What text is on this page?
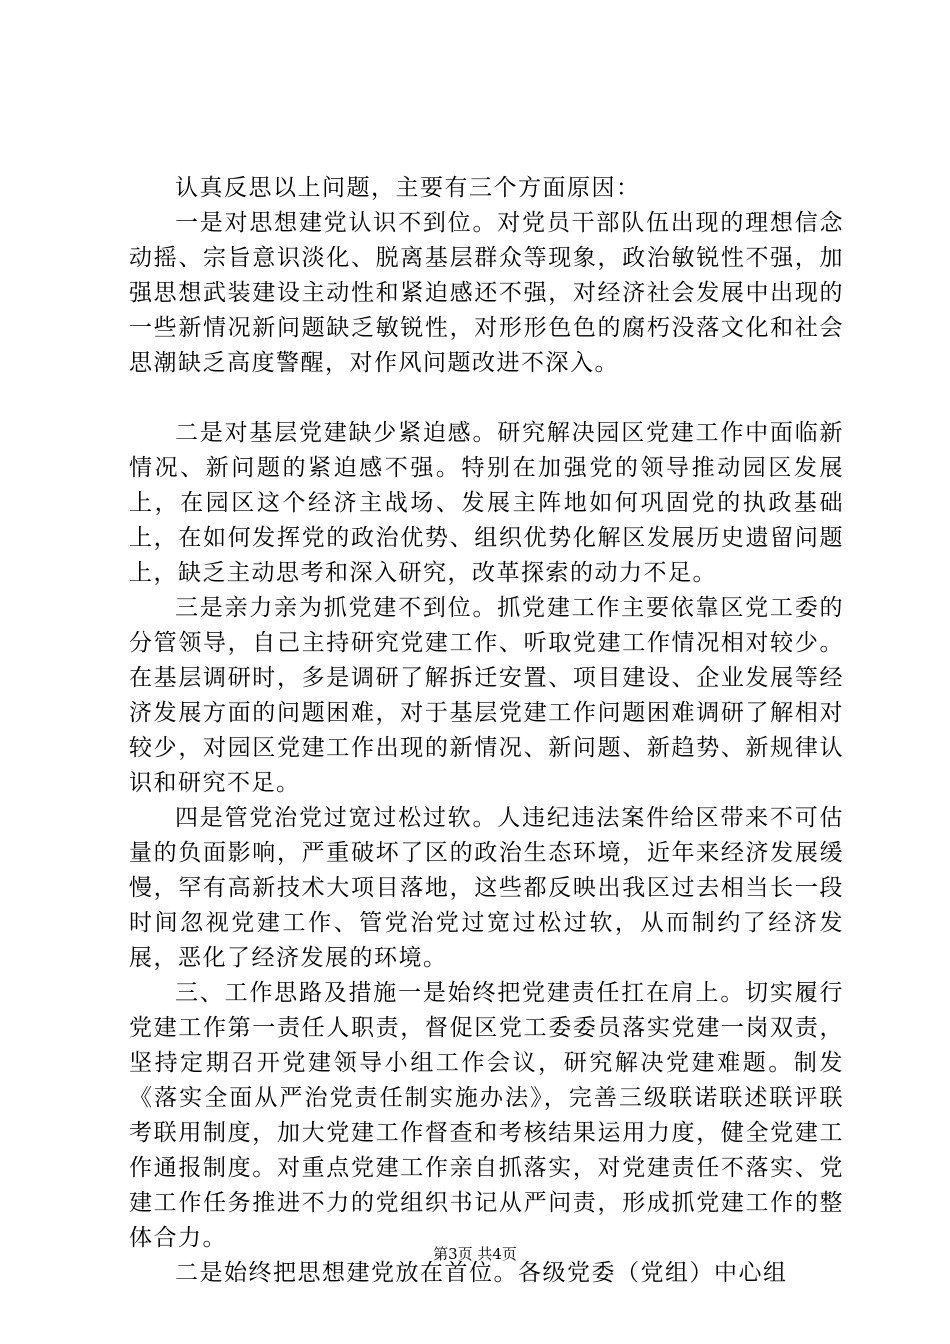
认真反思以上问题，主要有三个方面原因：

一是对思想建党认识不到位。对党员干部队伍出现的理想信念动摇、宗旨意识淡化、脱离基层群众等现象，政治敏锐性不强，加强思想武装建设主动性和紧迫感还不强，对经济社会发展中出现的一些新情况新问题缺乏敏锐性，对形形色色的腐朽没落文化和社会思潮缺乏高度警醒，对作风问题改进不深入。

二是对基层党建缺少紧迫感。研究解决园区党建工作中面临新情况、新问题的紧迫感不强。特别在加强党的领导推动园区发展上，在园区这个经济主战场、发展主阵地如何巩固党的执政基础上，在如何发挥党的政治优势、组织优势化解区发展历史遗留问题上，缺乏主动思考和深入研究，改革探索的动力不足。

三是亲力亲为抓党建不到位。抓党建工作主要依靠区党工委的分管领导，自己主持研究党建工作、听取党建工作情况相对较少。在基层调研时，多是调研了解拆迁安置、项目建设、企业发展等经济发展方面的问题困难，对于基层党建工作问题困难调研了解相对较少，对园区党建工作出现的新情况、新问题、新趋势、新规律认识和研究不足。

四是管党治党过宽过松过软。人违纪违法案件给区带来不可估量的负面影响，严重破坏了区的政治生态环境，近年来经济发展缓慢，罕有高新技术大项目落地，这些都反映出我区过去相当长一段时间忽视党建工作、管党治党过宽过松过软，从而制约了经济发展，恶化了经济发展的环境。

三、工作思路及措施一是始终把党建责任扛在肩上。切实履行党建工作第一责任人职责，督促区党工委委员落实党建一岗双责，坚持定期召开党建领导小组工作会议，研究解决党建难题。制发《落实全面从严治党责任制实施办法》，完善三级联诺联述联评联考联用制度，加大党建工作督查和考核结果运用力度，健全党建工作通报制度。对重点党建工作亲自抓落实，对党建责任不落实、党建工作任务推进不力的党组织书记从严问责，形成抓党建工作的整体合力。

二是始终把思想建党放在首位。各级党委（党组）中心组

第3页 共4页
